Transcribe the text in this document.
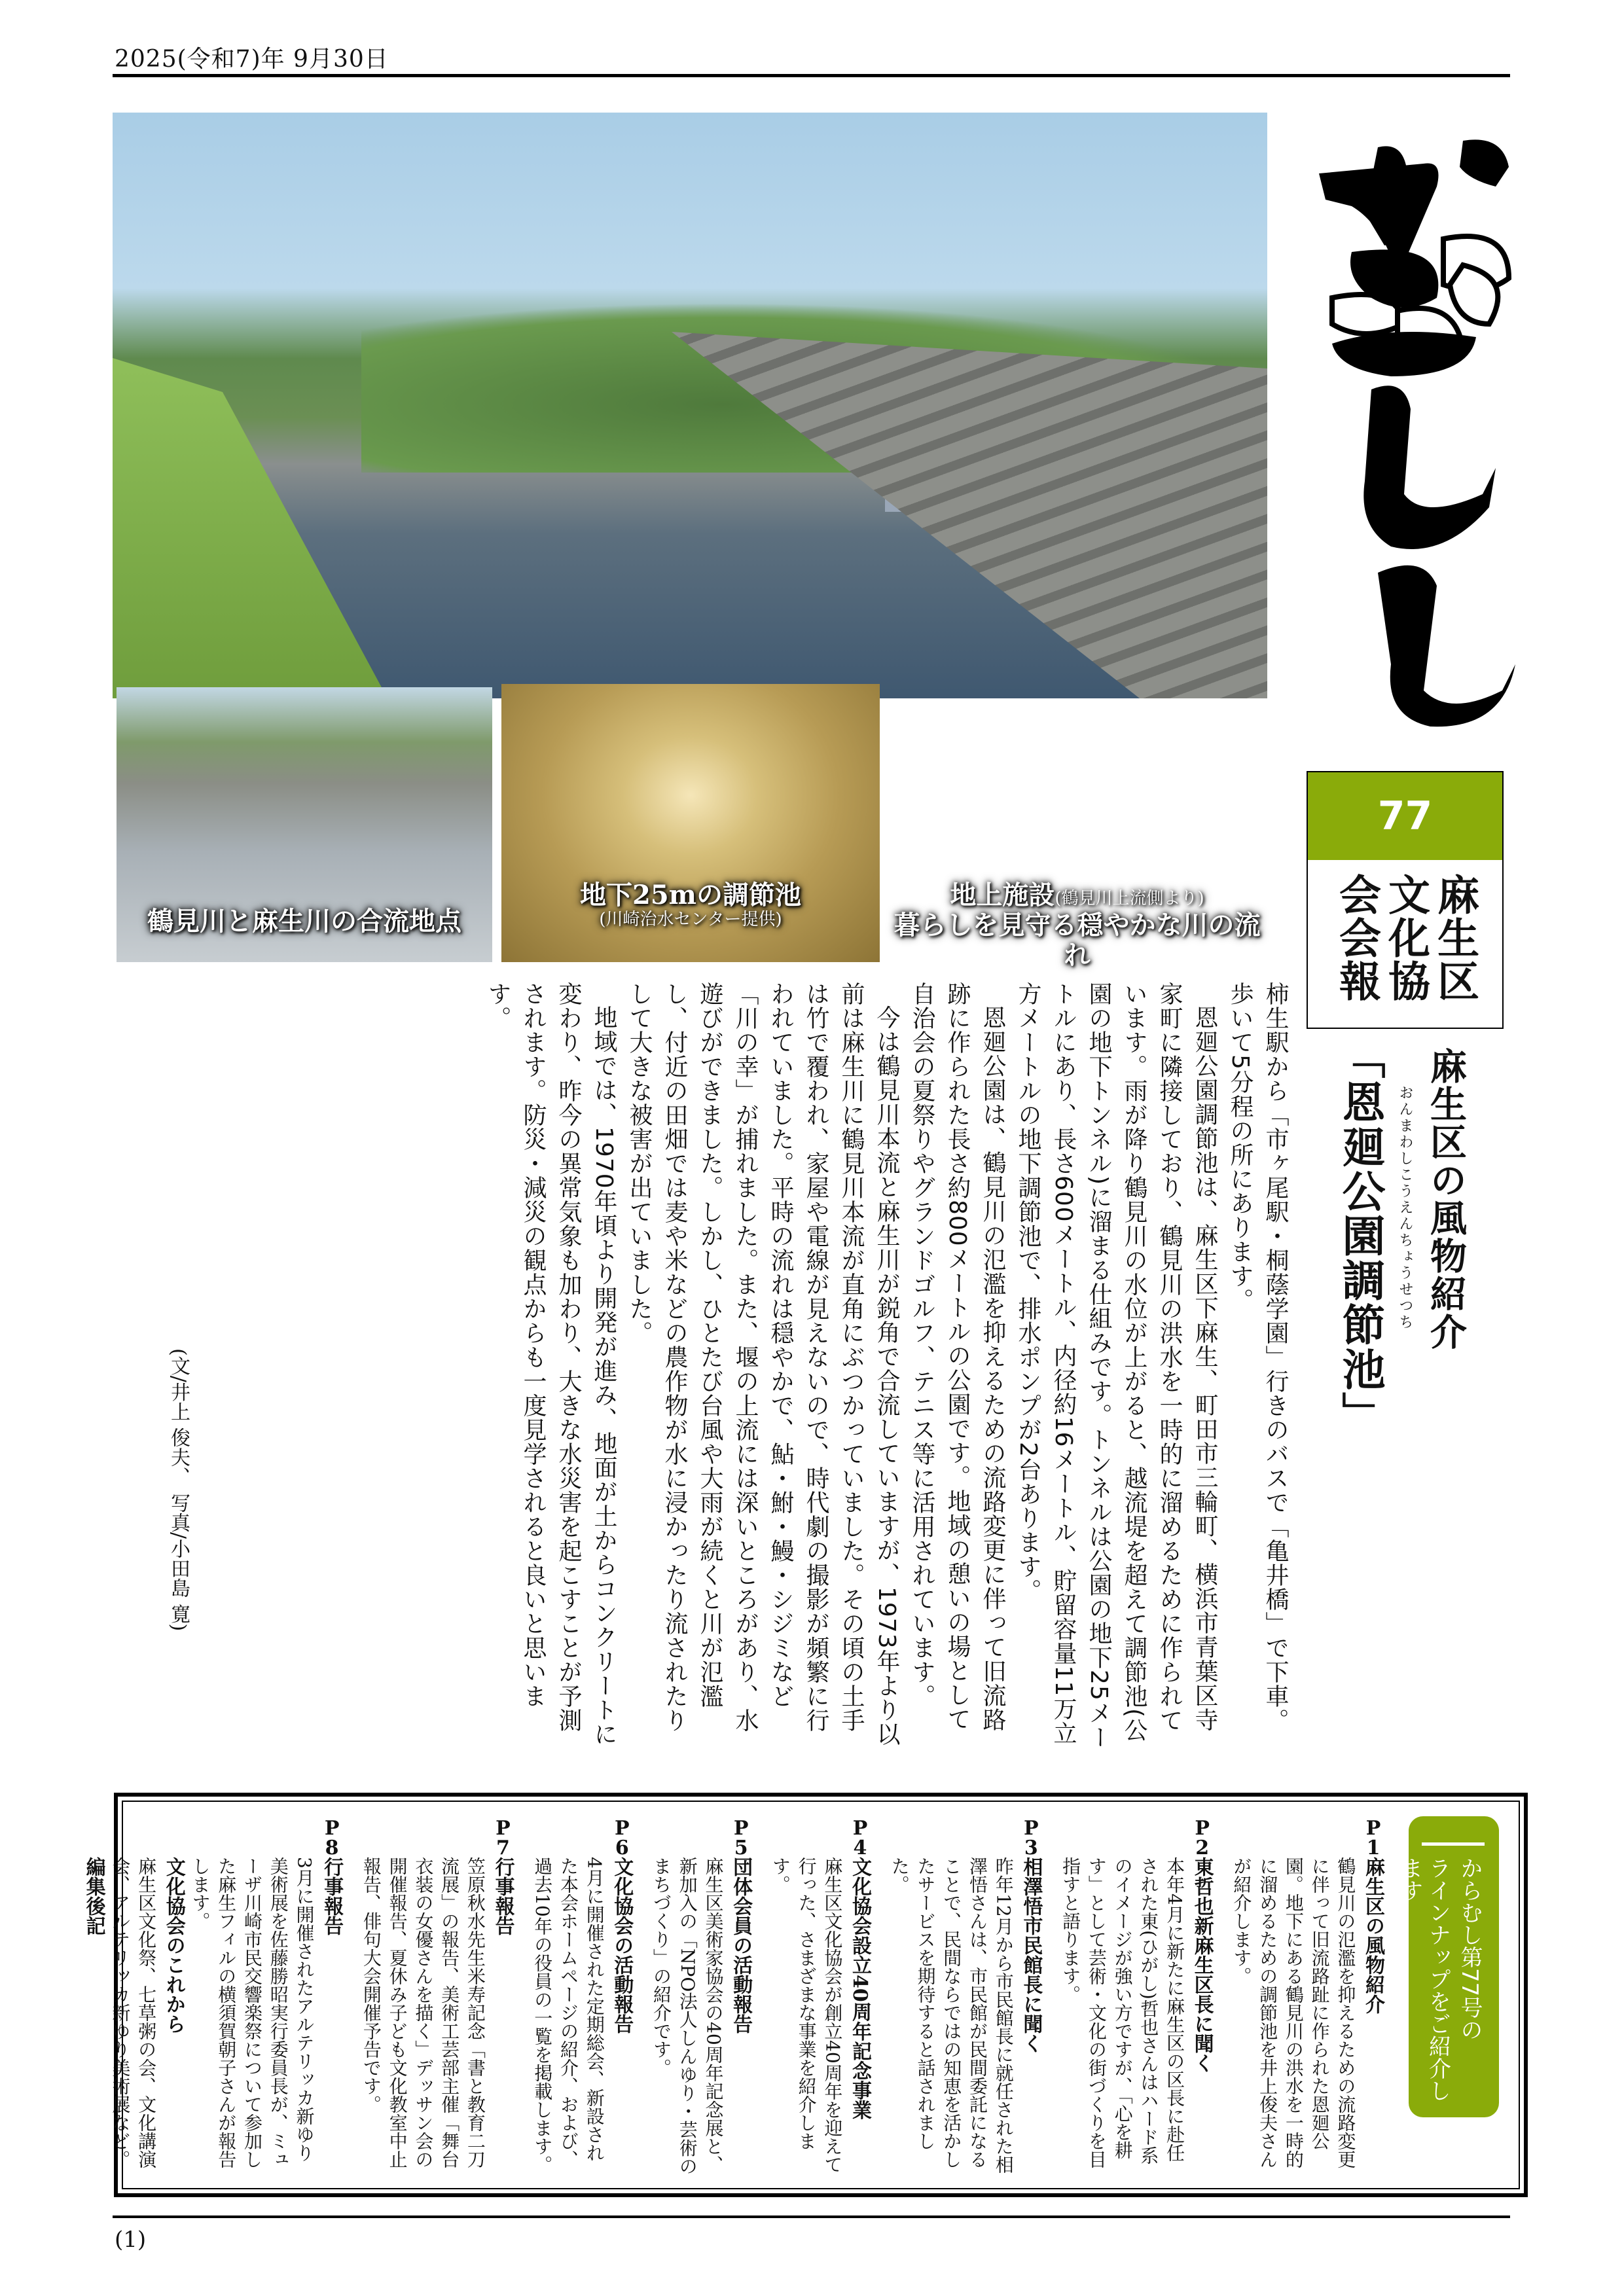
2025(令和7)年 9月30日
鶴見川と麻生川の合流地点
地下25mの調節池
(川崎治水センター提供)
地上施設(鶴見川上流側より)
暮らしを見守る穏やかな川の流れ
77
麻生区
文化協
会会報
麻生区の風物紹介
おんまわしこうえんちょうせつち
「恩廻公園調節池」

柿生駅から「市ヶ尾駅・桐蔭学園」行きのバスで「亀井橋」で下車。歩いて5分程の所にあります。

恩廻公園調節池は、麻生区下麻生、町田市三輪町、横浜市青葉区寺家町に隣接しており、鶴見川の洪水を一時的に溜めるために作られています。雨が降り鶴見川の水位が上がると、越流堤を超えて調節池(公園の地下トンネル)に溜まる仕組みです。トンネルは公園の地下25メートルにあり、長さ600メートル、内径約16メートル、貯留容量11万立方メートルの地下調節池で、排水ポンプが2台あります。

恩廻公園は、鶴見川の氾濫を抑えるための流路変更に伴って旧流路跡に作られた長さ約800メートルの公園です。地域の憩いの場として自治会の夏祭りやグランドゴルフ、テニス等に活用されています。

今は鶴見川本流と麻生川が鋭角で合流していますが、1973年より以前は麻生川に鶴見川本流が直角にぶつかっていました。その頃の土手は竹で覆われ、家屋や電線が見えないので、時代劇の撮影が頻繁に行われていました。平時の流れは穏やかで、鮎・鮒・鰻・シジミなど「川の幸」が捕れました。また、堰の上流には深いところがあり、水遊びができました。しかし、ひとたび台風や大雨が続くと川が氾濫し、付近の田畑では麦や米などの農作物が水に浸かったり流されたりして大きな被害が出ていました。

地域では、1970年頃より開発が進み、地面が土からコンクリートに変わり、昨今の異常気象も加わり、大きな水災害を起こすことが予測されます。防災・減災の観点からも一度見学されると良いと思います。

(文/井上 俊夫、 写真/小田島 寛)
からむし第77号の
ラインナップをご紹介します
P 1
麻生区の風物紹介
鶴見川の氾濫を抑えるための流路変更に伴って旧流路趾に作られた恩廻公園。地下にある鶴見川の洪水を一時的に溜めるための調節池を井上俊夫さんが紹介します。
P 2
東哲也新麻生区長に聞く
本年4月に新たに麻生区の区長に赴任された東(ひがし)哲也さんはハード系のイメージが強い方ですが、「心を耕す」として芸術・文化の街づくりを目指すと語ります。
P 3
相澤悟市民館長に聞く
昨年12月から市民館長に就任された相澤悟さんは、市民館が民間委託になることで、民間ならではの知恵を活かしたサービスを期待すると話されました。
P 4
文化協会設立40周年記念事業
麻生区文化協会が創立40周年を迎えて行った、さまざまな事業を紹介します。
P 5
団体会員の活動報告
麻生区美術家協会の40周年記念展と、新加入の「NPO法人しんゆり・芸術のまちづくり」の紹介です。
P 6
文化協会の活動報告
4月に開催された定期総会、新設された本会ホームページの紹介、および、過去10年の役員の一覧を掲載します。
P 7
行事報告
笠原秋水先生米寿記念「書と教育二刀流展」の報告、美術工芸部主催「舞台衣装の女優さんを描く」デッサン会の開催報告、夏休み子ども文化教室中止報告、俳句大会開催予告です。
P 8
行事報告
3月に開催されたアルテリッカ新ゆり美術展を佐藤勝昭実行委員長が、ミューザ川崎市民交響楽祭について参加した麻生フィルの横須賀朝子さんが報告します。
文化協会のこれから
麻生区文化祭、七草粥の会、文化講演会、アルテリッカ新ゆり美術展など。
編集後記
(1)
